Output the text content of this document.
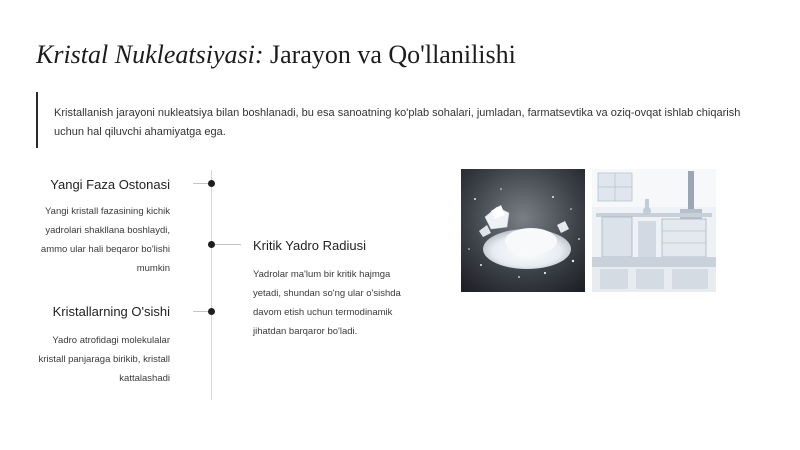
Kristal Nukleatsiyasi: Jarayon va Qo'llanilishi
Kristallanish jarayoni nukleatsiya bilan boshlanadi, bu esa sanoatning ko'plab sohalari, jumladan, farmatsevtika va oziq-ovqat ishlab chiqarish uchun hal qiluvchi ahamiyatga ega.
Yangi Faza Ostonasi
Yangi kristall fazasining kichik yadrolari shakllana boshlaydi, ammo ular hali beqaror bo'lishi mumkin
Kritik Yadro Radiusi
Yadrolar ma'lum bir kritik hajmga yetadi, shundan so'ng ular o'sishda davom etish uchun termodinamik jihatdan barqaror bo'ladi.
Kristallarning O'sishi
Yadro atrofidagi molekulalar kristall panjaraga birikib, kristall kattalashadi
